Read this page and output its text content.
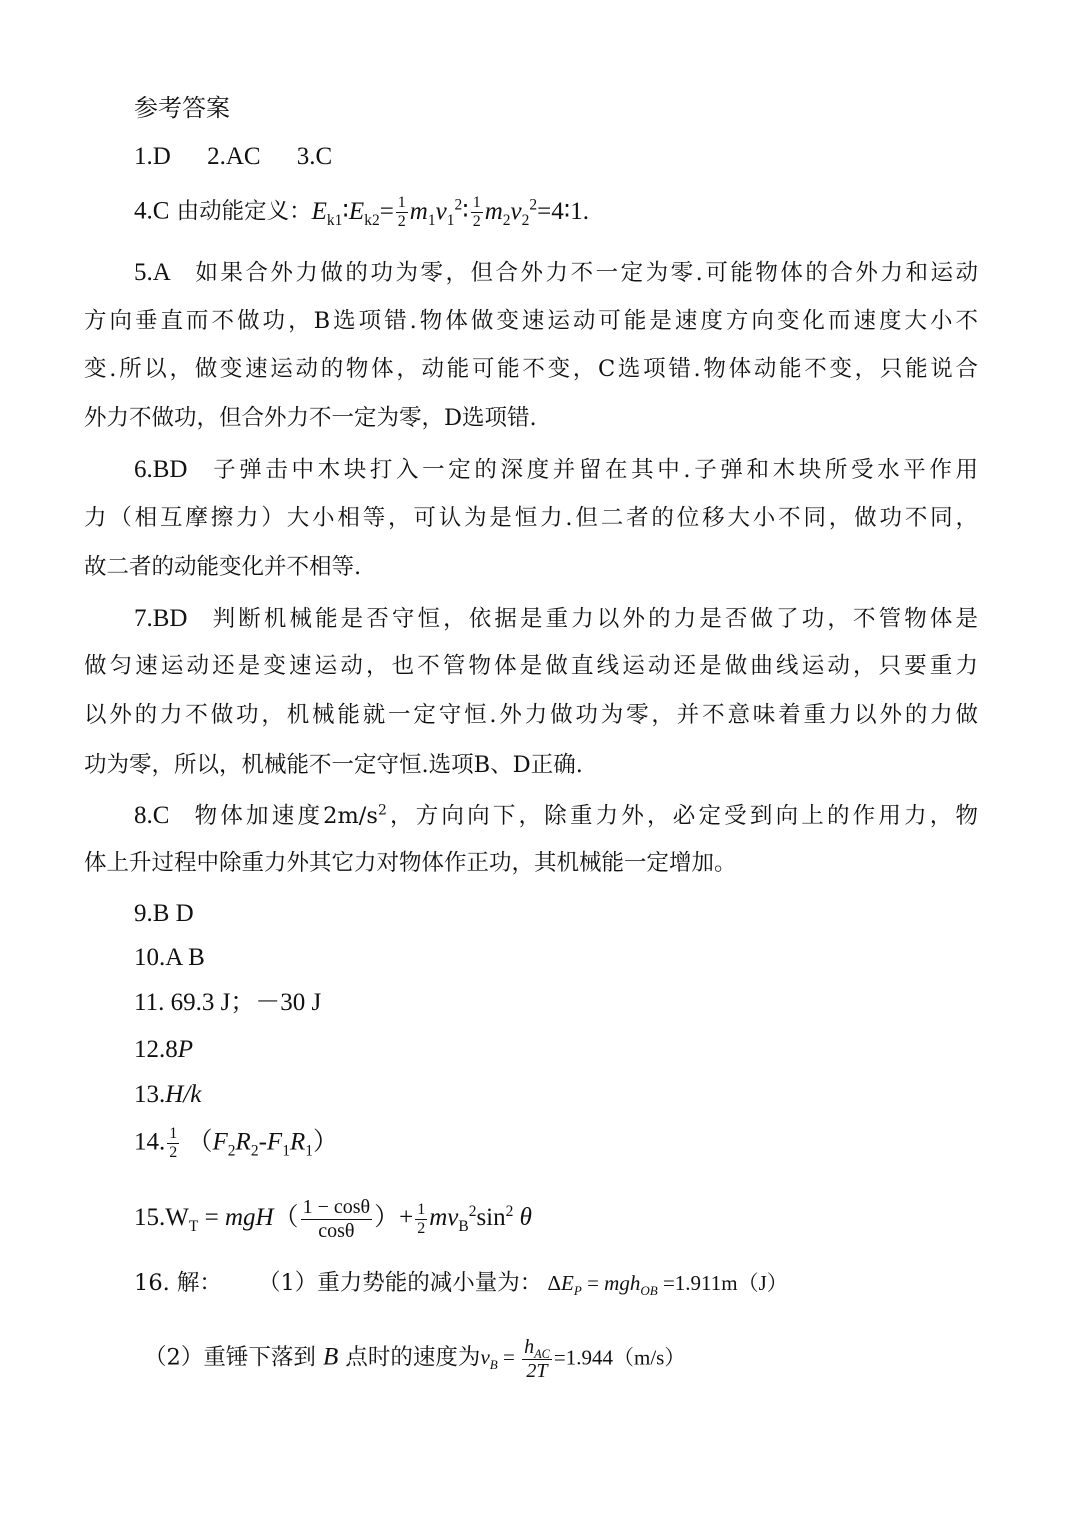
参考答案
1.D 2.AC 3.C
4.C 由动能定义：$E_{k1}∶E_{k2}= \frac{1}{2}$ $m_1v_1^2∶ \frac{1}{2}$ $m_2v_2^2=4∶1$.
5.A 如果合外力做的功为零，但合外力不一定为零.可能物体的合外力和运动
方向垂直而不做功，B选项错.物体做变速运动可能是速度方向变化而速度大小不
变.所以，做变速运动的物体，动能可能不变，C选项错.物体动能不变，只能说合
外力不做功，但合外力不一定为零，D选项错.
6.BD 子弹击中木块打入一定的深度并留在其中.子弹和木块所受水平作用
力（相互摩擦力）大小相等，可认为是恒力.但二者的位移大小不同，做功不同，
故二者的动能变化并不相等.
7.BD 判断机械能是否守恒，依据是重力以外的力是否做了功，不管物体是
做匀速运动还是变速运动，也不管物体是做直线运动还是做曲线运动，只要重力
以外的力不做功，机械能就一定守恒.外力做功为零，并不意味着重力以外的力做
功为零，所以，机械能不一定守恒.选项B、D正确.
8.C 物体加速度$2m/s^2$，方向向下，除重力外，必定受到向上的作用力，物
体上升过程中除重力外其它力对物体作正功，其机械能一定增加。
9.B D
10.A B
11. 69.3 J；－30 J
12.8P
13.H/k
14. $\frac{1}{2} (F_2R_2-F_1R_1)$
$15.W_T = mgH( \frac{1 - \cos\theta}{\cos\theta}$ ）+ $\frac{1}{2} mv_B^2\sin^2$ θ
16. 解： （1）重力势能的减小量为： $\Delta E_P = mgh_{OB} =1.911m(J)$
（2）重锤下落到 B 点时的速度为$v_B = \frac{h_{AC}}{2T} =1.944(m/s)$
